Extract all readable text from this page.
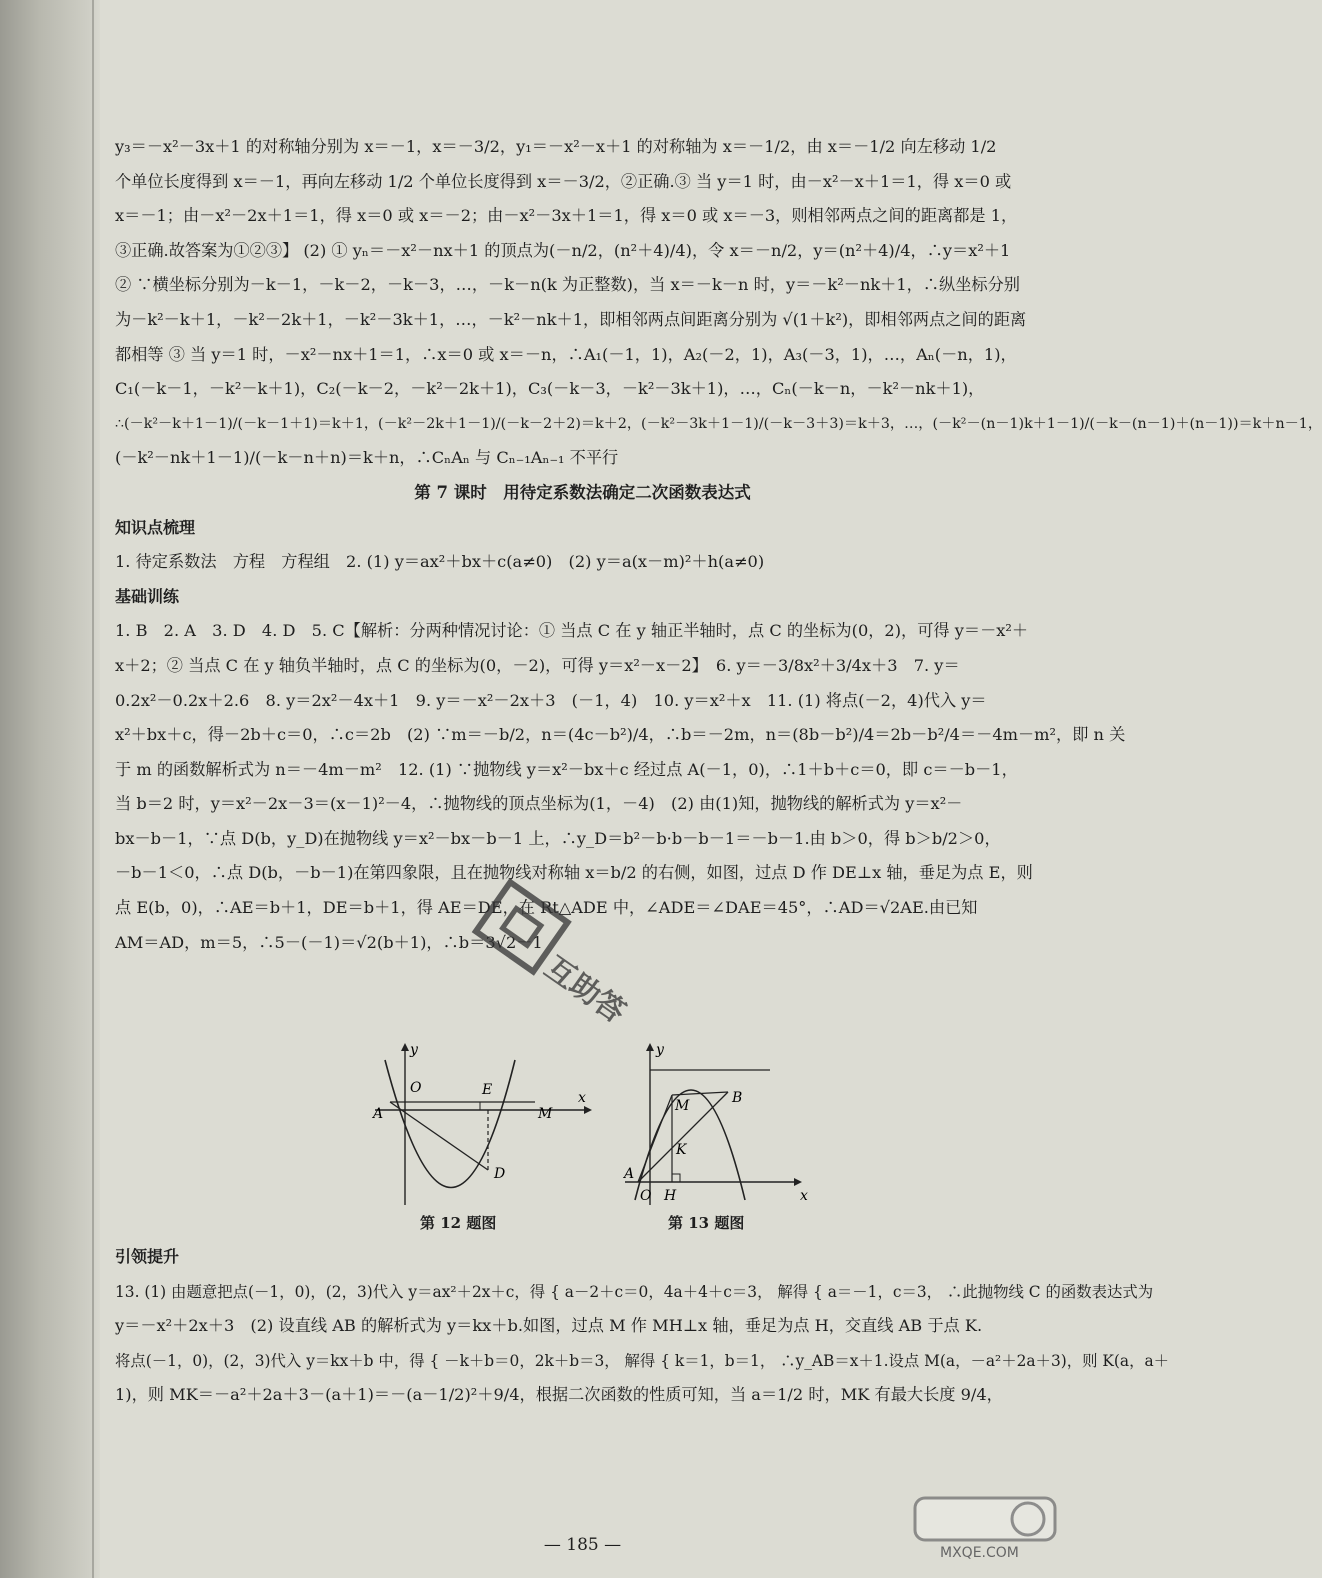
y₃＝－x²－3x＋1 的对称轴分别为 x＝－1，x＝－3/2，y₁＝－x²－x＋1 的对称轴为 x＝－1/2，由 x＝－1/2 向左移动 1/2
个单位长度得到 x＝－1，再向左移动 1/2 个单位长度得到 x＝－3/2，②正确.③ 当 y＝1 时，由－x²－x＋1＝1，得 x＝0 或
x＝－1；由－x²－2x＋1＝1，得 x＝0 或 x＝－2；由－x²－3x＋1＝1，得 x＝0 或 x＝－3，则相邻两点之间的距离都是 1，
③正确.故答案为①②③】 (2) ① yₙ＝－x²－nx＋1 的顶点为(－n/2，(n²＋4)/4)，令 x＝－n/2，y＝(n²＋4)/4，∴y＝x²＋1
② ∵横坐标分别为－k－1，－k－2，－k－3，…，－k－n(k 为正整数)，当 x＝－k－n 时，y＝－k²－nk＋1，∴纵坐标分别
为－k²－k＋1，－k²－2k＋1，－k²－3k＋1，…，－k²－nk＋1，即相邻两点间距离分别为 √(1＋k²)，即相邻两点之间的距离
都相等 ③ 当 y＝1 时，－x²－nx＋1＝1，∴x＝0 或 x＝－n，∴A₁(－1，1)，A₂(－2，1)，A₃(－3，1)，…，Aₙ(－n，1)，
C₁(－k－1，－k²－k＋1)，C₂(－k－2，－k²－2k＋1)，C₃(－k－3，－k²－3k＋1)，…，Cₙ(－k－n，－k²－nk＋1)，
∴(－k²－k＋1－1)/(－k－1＋1)＝k＋1，(－k²－2k＋1－1)/(－k－2＋2)＝k＋2，(－k²－3k＋1－1)/(－k－3＋3)＝k＋3，…，(－k²－(n－1)k＋1－1)/(－k－(n－1)＋(n－1))＝k＋n－1，
(－k²－nk＋1－1)/(－k－n＋n)＝k＋n，∴CₙAₙ 与 Cₙ₋₁Aₙ₋₁ 不平行
第 7 课时　用待定系数法确定二次函数表达式
知识点梳理
1. 待定系数法　方程　方程组　2. (1) y＝ax²＋bx＋c(a≠0)　(2) y＝a(x－m)²＋h(a≠0)
基础训练
1. B　2. A　3. D　4. D　5. C【解析：分两种情况讨论：① 当点 C 在 y 轴正半轴时，点 C 的坐标为(0，2)，可得 y＝－x²＋
x＋2；② 当点 C 在 y 轴负半轴时，点 C 的坐标为(0，－2)，可得 y＝x²－x－2】　6. y＝－3/8x²＋3/4x＋3　7. y＝
0.2x²－0.2x＋2.6　8. y＝2x²－4x＋1　9. y＝－x²－2x＋3　(－1，4)　10. y＝x²＋x　11. (1) 将点(－2，4)代入 y＝
x²＋bx＋c，得－2b＋c＝0，∴c＝2b　(2) ∵m＝－b/2，n＝(4c－b²)/4，∴b＝－2m，n＝(8b－b²)/4＝2b－b²/4＝－4m－m²，即 n 关
于 m 的函数解析式为 n＝－4m－m²　12. (1) ∵抛物线 y＝x²－bx＋c 经过点 A(－1，0)，∴1＋b＋c＝0，即 c＝－b－1，
当 b＝2 时，y＝x²－2x－3＝(x－1)²－4，∴抛物线的顶点坐标为(1，－4)　(2) 由(1)知，抛物线的解析式为 y＝x²－
bx－b－1，∵点 D(b，y_D)在抛物线 y＝x²－bx－b－1 上，∴y_D＝b²－b·b－b－1＝－b－1.由 b＞0，得 b＞b/2＞0，
－b－1＜0，∴点 D(b，－b－1)在第四象限，且在抛物线对称轴 x＝b/2 的右侧，如图，过点 D 作 DE⊥x 轴，垂足为点 E，则
点 E(b，0)，∴AE＝b＋1，DE＝b＋1，得 AE＝DE，在 Rt△ADE 中，∠ADE＝∠DAE＝45°，∴AD＝√2AE.由已知
AM＝AD，m＝5，∴5－(－1)＝√2(b＋1)，∴b＝3√2－1
y
O	E
A	M
x
D
第 12 题图
y
M	B
K
A
O H	x
第 13 题图
引领提升
13. (1) 由题意把点(－1，0)，(2，3)代入 y＝ax²＋2x＋c，得 { a－2＋c＝0，4a＋4＋c＝3， 解得 { a＝－1，c＝3， ∴此抛物线 C 的函数表达式为
y＝－x²＋2x＋3　(2) 设直线 AB 的解析式为 y＝kx＋b.如图，过点 M 作 MH⊥x 轴，垂足为点 H，交直线 AB 于点 K.
将点(－1，0)，(2，3)代入 y＝kx＋b 中，得 { －k＋b＝0，2k＋b＝3， 解得 { k＝1，b＝1， ∴y_AB＝x＋1.设点 M(a，－a²＋2a＋3)，则 K(a，a＋
1)，则 MK＝－a²＋2a＋3－(a＋1)＝－(a－1/2)²＋9/4，根据二次函数的性质可知，当 a＝1/2 时，MK 有最大长度 9/4，
— 185 —
互助答
MXQE.COM
